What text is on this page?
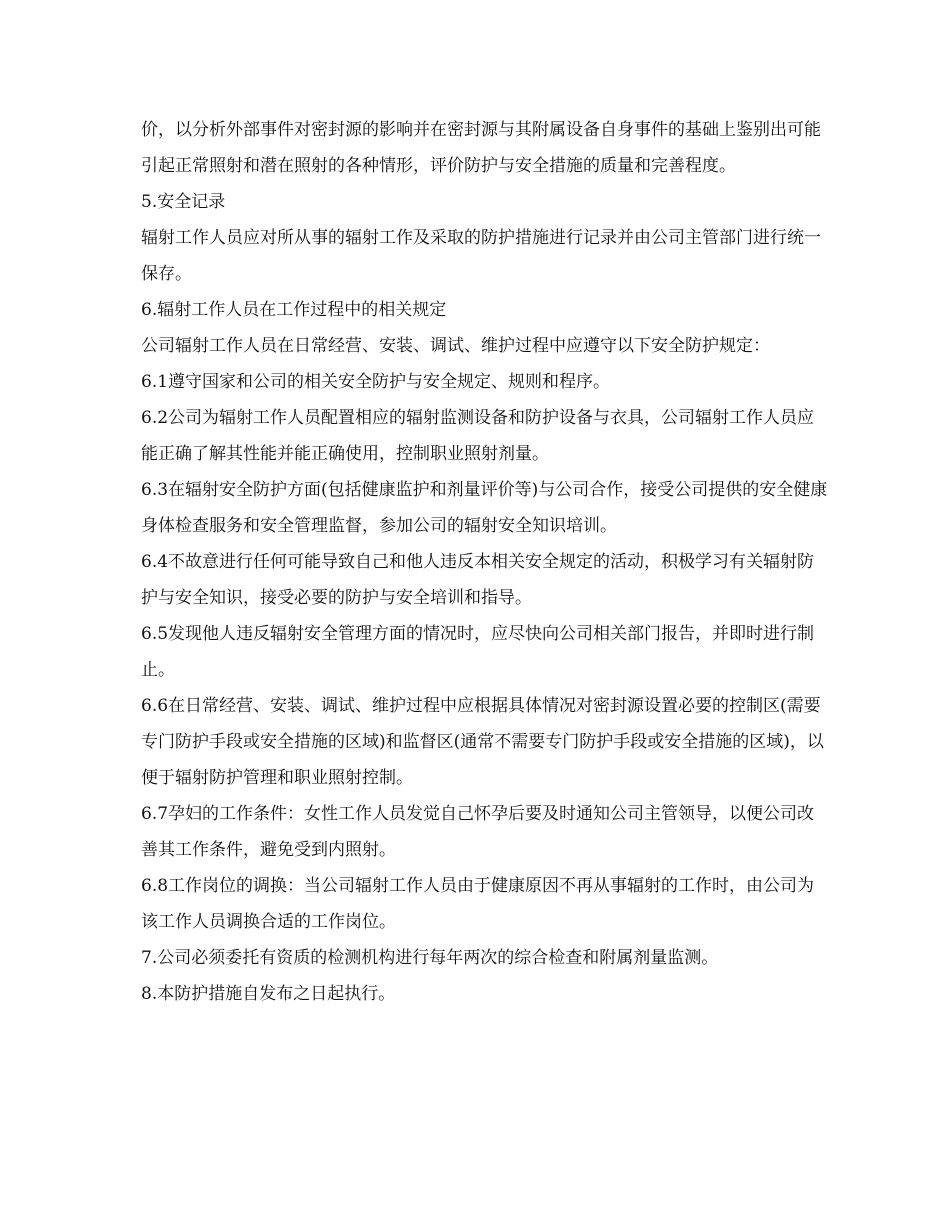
价，以分析外部事件对密封源的影响并在密封源与其附属设备自身事件的基础上鉴别出可能引起正常照射和潜在照射的各种情形，评价防护与安全措施的质量和完善程度。

5.安全记录

辐射工作人员应对所从事的辐射工作及采取的防护措施进行记录并由公司主管部门进行统一保存。

6.辐射工作人员在工作过程中的相关规定

公司辐射工作人员在日常经营、安装、调试、维护过程中应遵守以下安全防护规定：

6.1遵守国家和公司的相关安全防护与安全规定、规则和程序。

6.2公司为辐射工作人员配置相应的辐射监测设备和防护设备与衣具，公司辐射工作人员应能正确了解其性能并能正确使用，控制职业照射剂量。

6.3在辐射安全防护方面(包括健康监护和剂量评价等)与公司合作，接受公司提供的安全健康身体检查服务和安全管理监督，参加公司的辐射安全知识培训。

6.4不故意进行任何可能导致自己和他人违反本相关安全规定的活动，积极学习有关辐射防护与安全知识，接受必要的防护与安全培训和指导。

6.5发现他人违反辐射安全管理方面的情况时，应尽快向公司相关部门报告，并即时进行制止。

6.6在日常经营、安装、调试、维护过程中应根据具体情况对密封源设置必要的控制区(需要专门防护手段或安全措施的区域)和监督区(通常不需要专门防护手段或安全措施的区域)，以便于辐射防护管理和职业照射控制。

6.7孕妇的工作条件：女性工作人员发觉自己怀孕后要及时通知公司主管领导，以便公司改善其工作条件，避免受到内照射。

6.8工作岗位的调换：当公司辐射工作人员由于健康原因不再从事辐射的工作时，由公司为该工作人员调换合适的工作岗位。

7.公司必须委托有资质的检测机构进行每年两次的综合检查和附属剂量监测。

8.本防护措施自发布之日起执行。
